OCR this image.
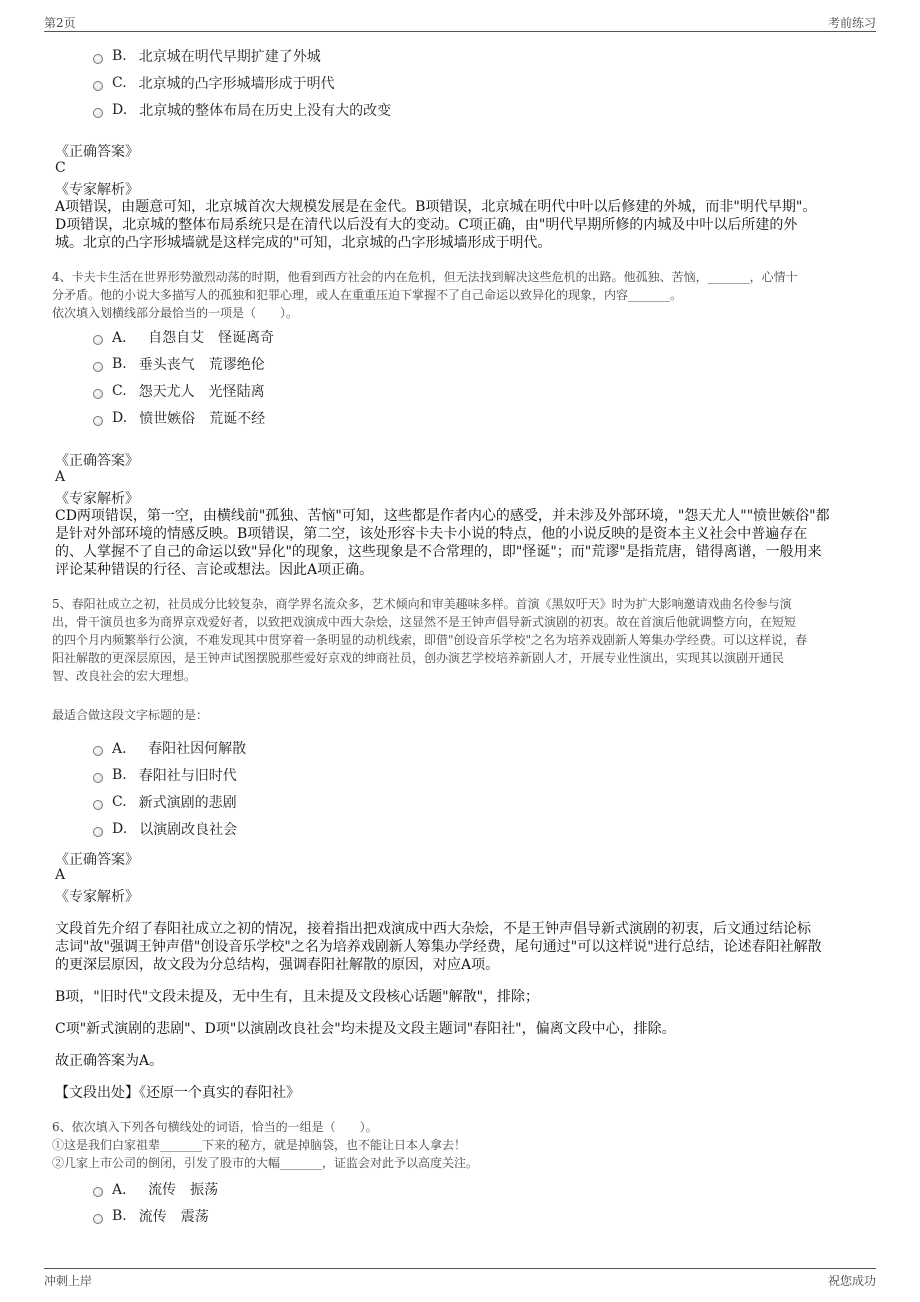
第2页	考前练习
B. 北京城在明代早期扩建了外城
C. 北京城的凸字形城墙形成于明代
D. 北京城的整体布局在历史上没有大的改变
《正确答案》
C
《专家解析》
A项错误，由题意可知，北京城首次大规模发展是在金代。B项错误，北京城在明代中叶以后修建的外城，而非"明代早期"。
D项错误，北京城的整体布局系统只是在清代以后没有大的变动。C项正确，由"明代早期所修的内城及中叶以后所建的外
城。北京的凸字形城墙就是这样完成的"可知，北京城的凸字形城墙形成于明代。
4、卡夫卡生活在世界形势激烈动荡的时期，他看到西方社会的内在危机，但无法找到解决这些危机的出路。他孤独、苦恼，_______，心情十
分矛盾。他的小说大多描写人的孤独和犯罪心理，或人在重重压迫下掌握不了自己命运以致异化的现象，内容_______。
依次填入划横线部分最恰当的一项是（　　）。
A． 自怨自艾　怪诞离奇
B. 垂头丧气　荒谬绝伦
C. 怨天尤人　光怪陆离
D. 愤世嫉俗　荒诞不经
《正确答案》
A
《专家解析》
CD两项错误，第一空，由横线前"孤独、苦恼"可知，这些都是作者内心的感受，并未涉及外部环境，"怨天尤人""愤世嫉俗"都
是针对外部环境的情感反映。B项错误，第二空，该处形容卡夫卡小说的特点，他的小说反映的是资本主义社会中普遍存在
的、人掌握不了自己的命运以致"异化"的现象，这些现象是不合常理的，即"怪诞"；而"荒谬"是指荒唐，错得离谱，一般用来
评论某种错误的行径、言论或想法。因此A项正确。
5、春阳社成立之初，社员成分比较复杂，商学界名流众多，艺术倾向和审美趣味多样。首演《黑奴吁天》时为扩大影响邀请戏曲名伶参与演
出，骨干演员也多为商界京戏爱好者，以致把戏演成中西大杂烩，这显然不是王钟声倡导新式演剧的初衷。故在首演后他就调整方向，在短短
的四个月内频繁举行公演，不难发现其中贯穿着一条明显的动机线索，即借"创设音乐学校"之名为培养戏剧新人筹集办学经费。可以这样说，春
阳社解散的更深层原因，是王钟声试图摆脱那些爱好京戏的绅商社员，创办演艺学校培养新剧人才，开展专业性演出，实现其以演剧开通民
智、改良社会的宏大理想。
最适合做这段文字标题的是：
A． 春阳社因何解散
B. 春阳社与旧时代
C. 新式演剧的悲剧
D. 以演剧改良社会
《正确答案》
A
《专家解析》
文段首先介绍了春阳社成立之初的情况，接着指出把戏演成中西大杂烩，不是王钟声倡导新式演剧的初衷，后文通过结论标
志词"故"强调王钟声借"创设音乐学校"之名为培养戏剧新人筹集办学经费，尾句通过"可以这样说"进行总结，论述春阳社解散
的更深层原因，故文段为分总结构，强调春阳社解散的原因，对应A项。
B项，"旧时代"文段未提及，无中生有，且未提及文段核心话题"解散"，排除；
C项"新式演剧的悲剧"、D项"以演剧改良社会"均未提及文段主题词"春阳社"，偏离文段中心，排除。
故正确答案为A。
【文段出处】《还原一个真实的春阳社》
6、依次填入下列各句横线处的词语，恰当的一组是（　　）。
①这是我们白家祖辈_______下来的秘方，就是掉脑袋，也不能让日本人拿去！
②几家上市公司的倒闭，引发了股市的大幅_______，证监会对此予以高度关注。
A． 流传　振荡
B. 流传　震荡
冲刺上岸	祝您成功
